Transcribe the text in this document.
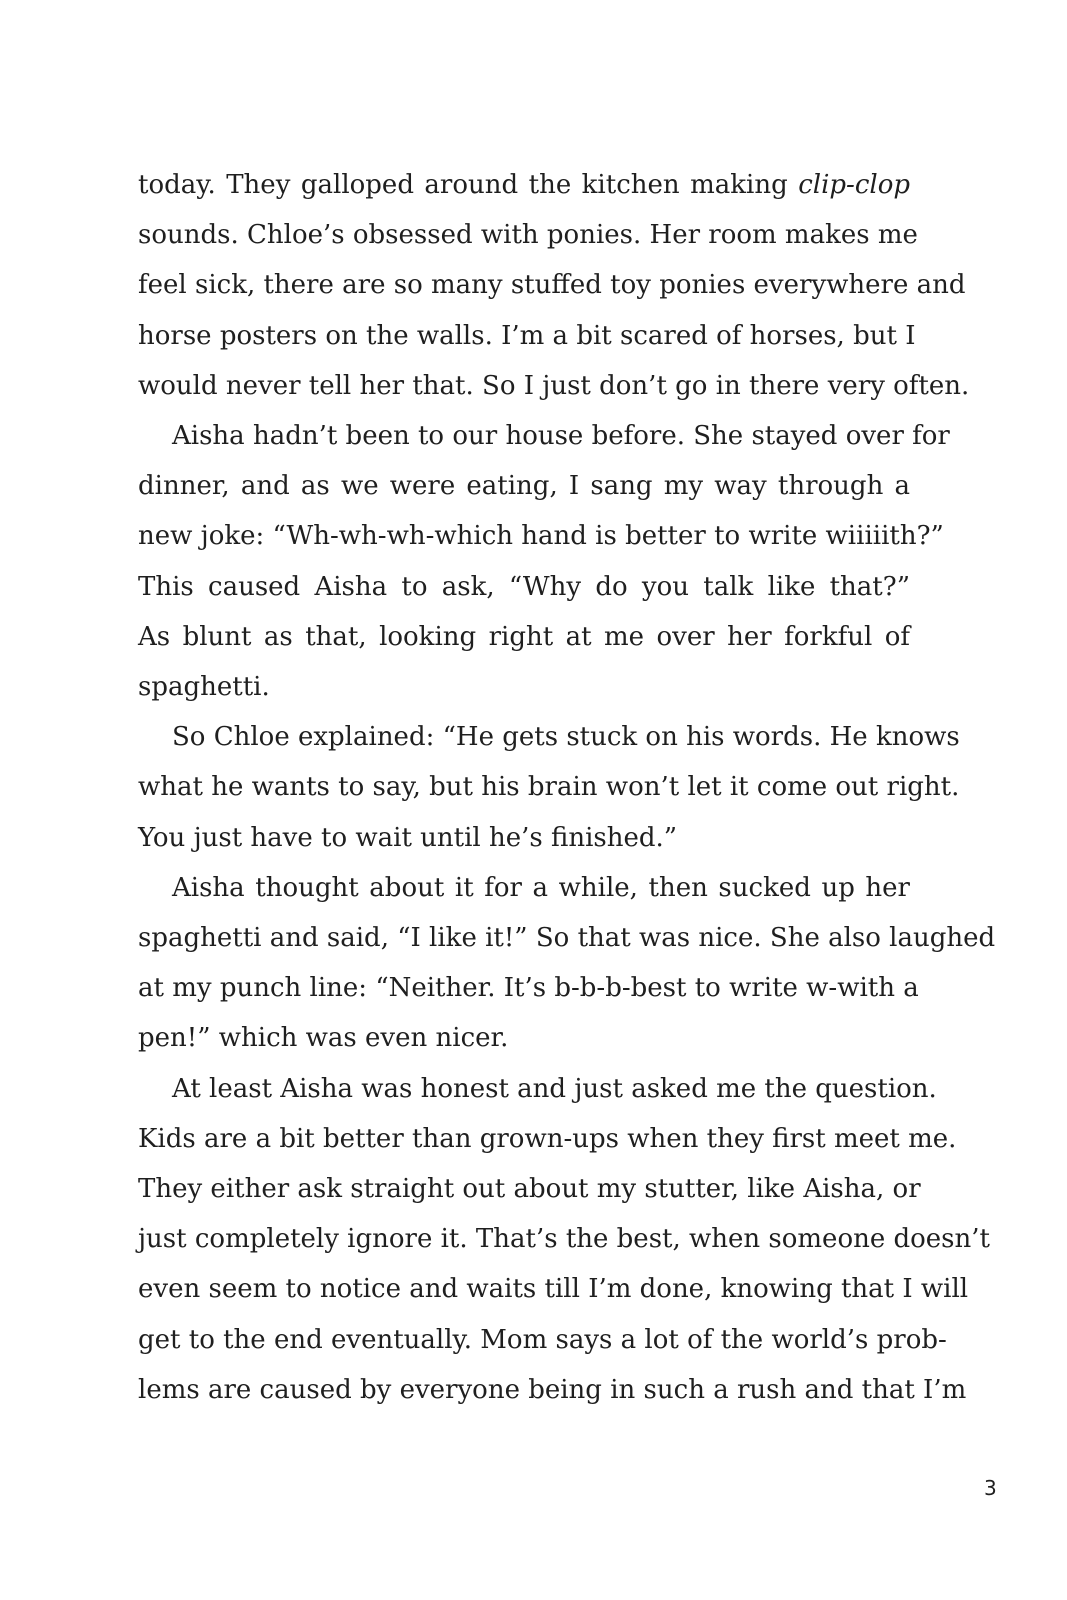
today. They galloped around the kitchen making clip-clop
sounds. Chloe’s obsessed with ponies. Her room makes me
feel sick, there are so many stuffed toy ponies everywhere and
horse posters on the walls. I’m a bit scared of horses, but I
would never tell her that. So I just don’t go in there very often.
Aisha hadn’t been to our house before. She stayed over for
dinner, and as we were eating, I sang my way through a
new joke: “Wh-wh-wh-which hand is better to write wiiiiith?”
This caused Aisha to ask, “Why do you talk like that?”
As blunt as that, looking right at me over her forkful of
spaghetti.
So Chloe explained: “He gets stuck on his words. He knows
what he wants to say, but his brain won’t let it come out right.
You just have to wait until he’s finished.”
Aisha thought about it for a while, then sucked up her
spaghetti and said, “I like it!” So that was nice. She also laughed
at my punch line: “Neither. It’s b-b-b-best to write w-with a
pen!” which was even nicer.
At least Aisha was honest and just asked me the question.
Kids are a bit better than grown-ups when they first meet me.
They either ask straight out about my stutter, like Aisha, or
just completely ignore it. That’s the best, when someone doesn’t
even seem to notice and waits till I’m done, knowing that I will
get to the end eventually. Mom says a lot of the world’s prob-
lems are caused by everyone being in such a rush and that I’m
3
